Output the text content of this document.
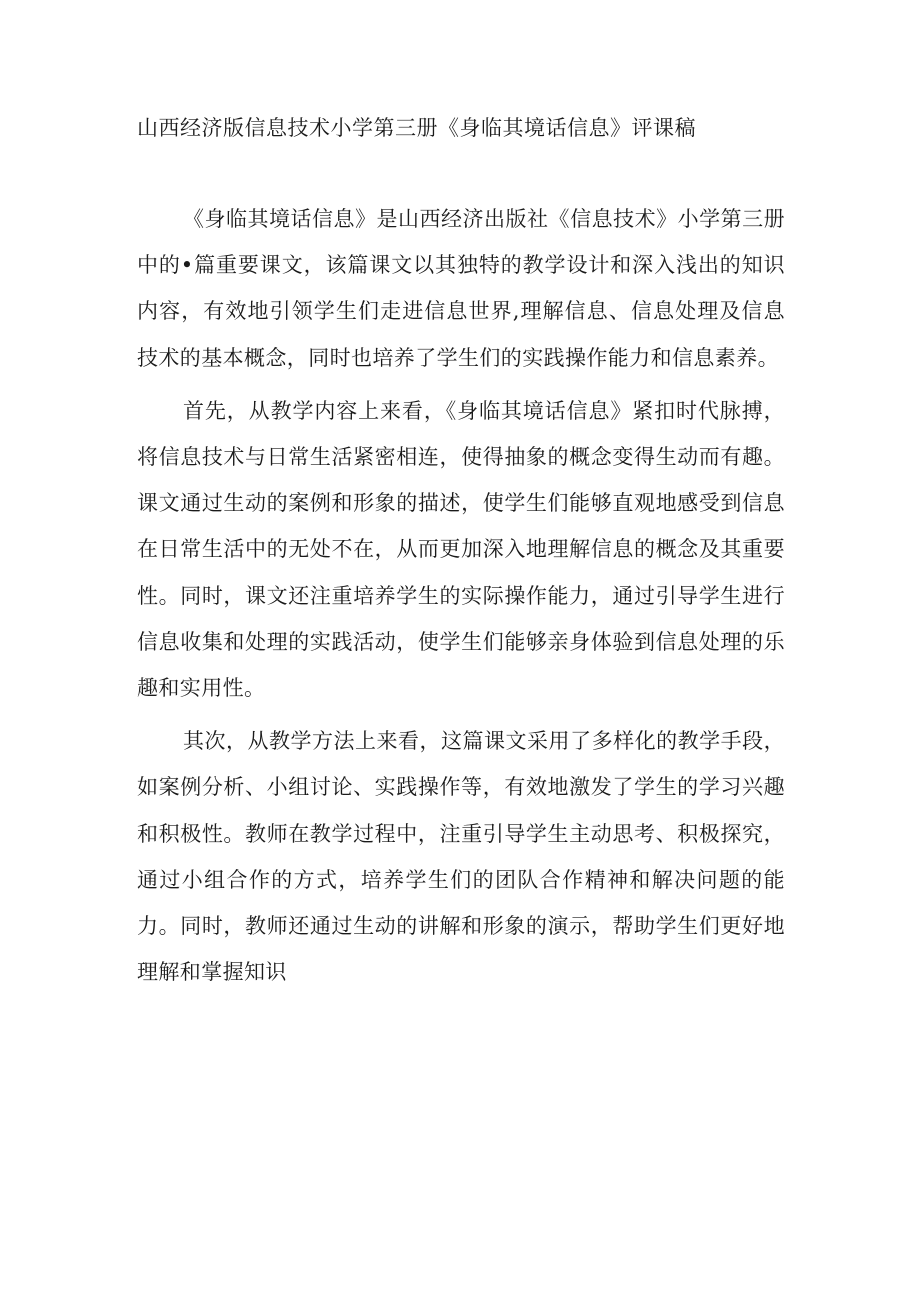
山西经济版信息技术小学第三册《身临其境话信息》评课稿

《身临其境话信息》是山西经济出版社《信息技术》小学第三册中的•篇重要课文，该篇课文以其独特的教学设计和深入浅出的知识内容，有效地引领学生们走进信息世界,理解信息、信息处理及信息技术的基本概念，同时也培养了学生们的实践操作能力和信息素养。

首先，从教学内容上来看，《身临其境话信息》紧扣时代脉搏，将信息技术与日常生活紧密相连，使得抽象的概念变得生动而有趣。课文通过生动的案例和形象的描述，使学生们能够直观地感受到信息在日常生活中的无处不在，从而更加深入地理解信息的概念及其重要性。同时，课文还注重培养学生的实际操作能力，通过引导学生进行信息收集和处理的实践活动，使学生们能够亲身体验到信息处理的乐趣和实用性。

其次，从教学方法上来看，这篇课文采用了多样化的教学手段，如案例分析、小组讨论、实践操作等，有效地激发了学生的学习兴趣和积极性。教师在教学过程中，注重引导学生主动思考、积极探究，通过小组合作的方式，培养学生们的团队合作精神和解决问题的能力。同时，教师还通过生动的讲解和形象的演示，帮助学生们更好地理解和掌握知识
